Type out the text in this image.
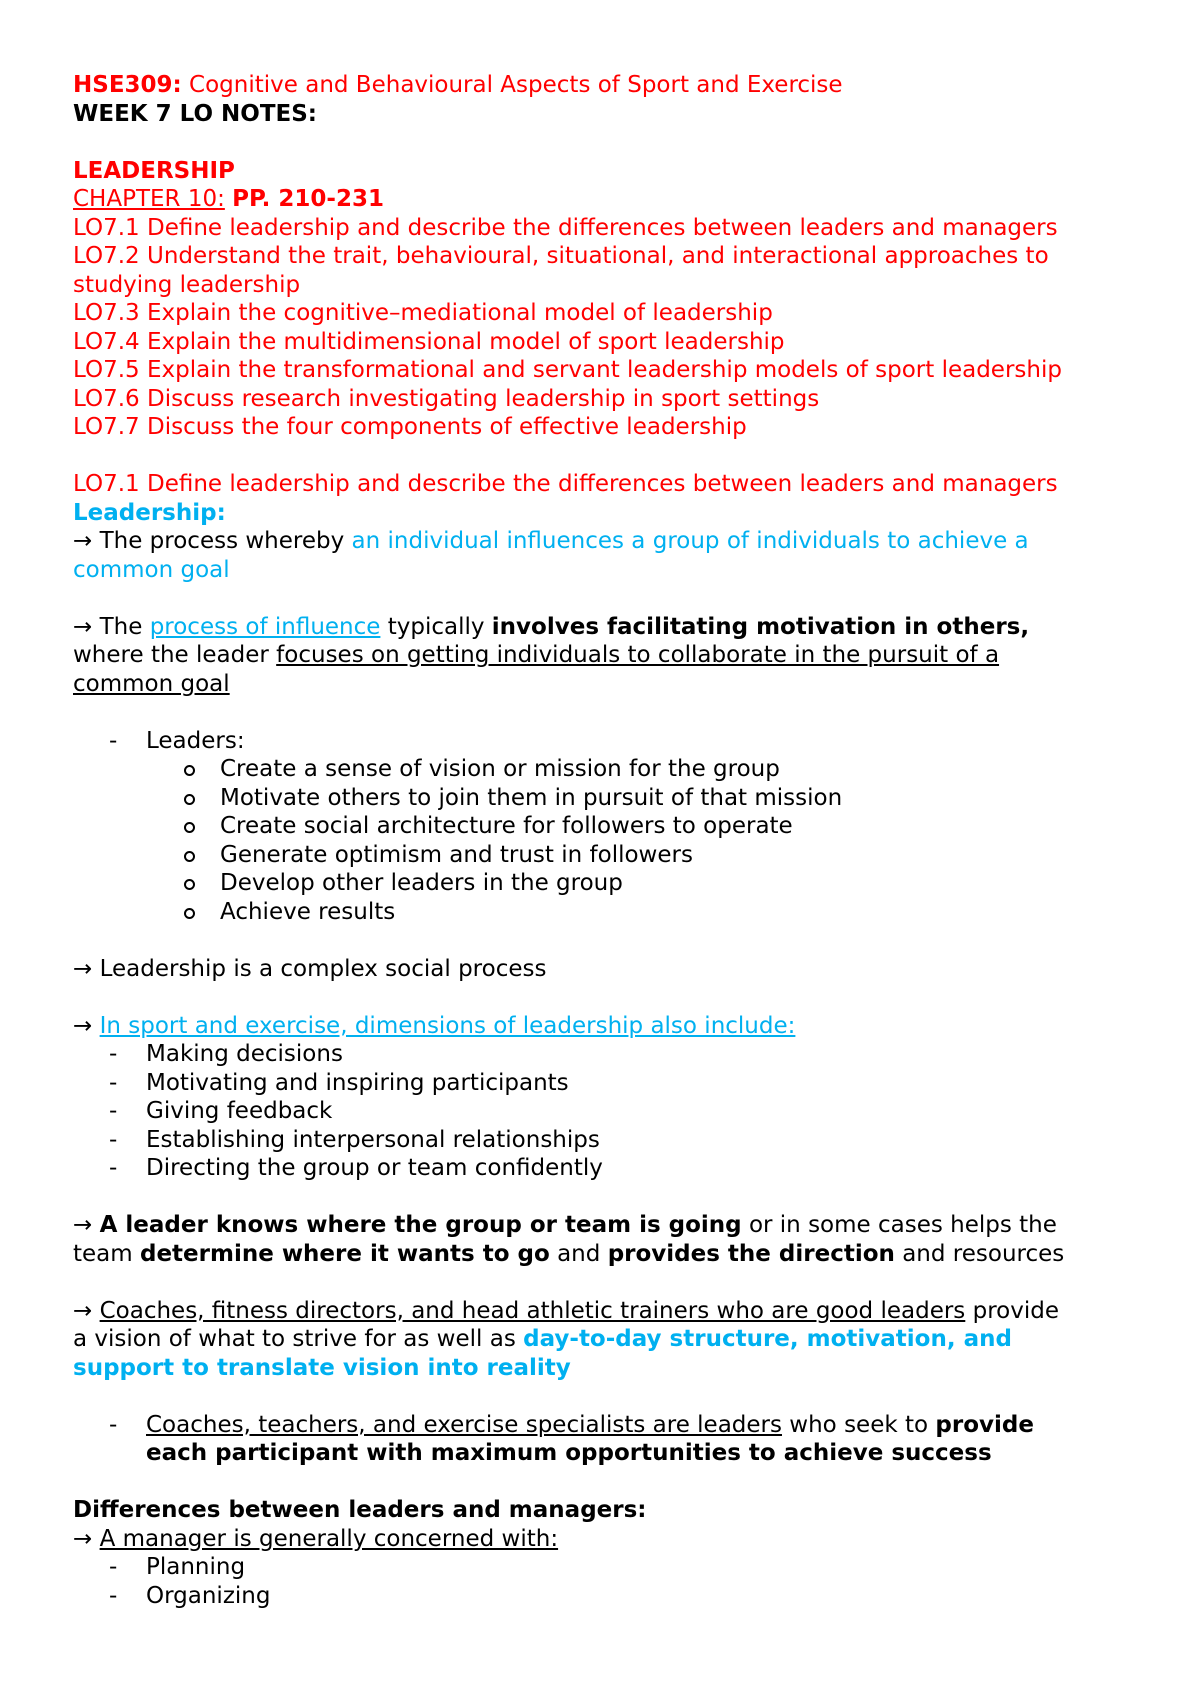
HSE309: Cognitive and Behavioural Aspects of Sport and Exercise
WEEK 7 LO NOTES:
LEADERSHIP
CHAPTER 10: PP. 210-231
LO7.1 Define leadership and describe the differences between leaders and managers
LO7.2 Understand the trait, behavioural, situational, and interactional approaches to
studying leadership
LO7.3 Explain the cognitive–mediational model of leadership
LO7.4 Explain the multidimensional model of sport leadership
LO7.5 Explain the transformational and servant leadership models of sport leadership
LO7.6 Discuss research investigating leadership in sport settings
LO7.7 Discuss the four components of effective leadership
LO7.1 Define leadership and describe the differences between leaders and managers
Leadership:
→ The process whereby an individual influences a group of individuals to achieve a
common goal
→ The process of influence typically involves facilitating motivation in others,
where the leader focuses on getting individuals to collaborate in the pursuit of a
common goal
- Leaders:
Create a sense of vision or mission for the group
Motivate others to join them in pursuit of that mission
Create social architecture for followers to operate
Generate optimism and trust in followers
Develop other leaders in the group
Achieve results
→ Leadership is a complex social process
→ In sport and exercise, dimensions of leadership also include:
- Making decisions
- Motivating and inspiring participants
- Giving feedback
- Establishing interpersonal relationships
- Directing the group or team confidently
→ A leader knows where the group or team is going or in some cases helps the
team determine where it wants to go and provides the direction and resources
→ Coaches, fitness directors, and head athletic trainers who are good leaders provide
a vision of what to strive for as well as day-to-day structure, motivation, and
support to translate vision into reality
- Coaches, teachers, and exercise specialists are leaders who seek to provide
each participant with maximum opportunities to achieve success
Differences between leaders and managers:
→ A manager is generally concerned with:
- Planning
- Organizing
